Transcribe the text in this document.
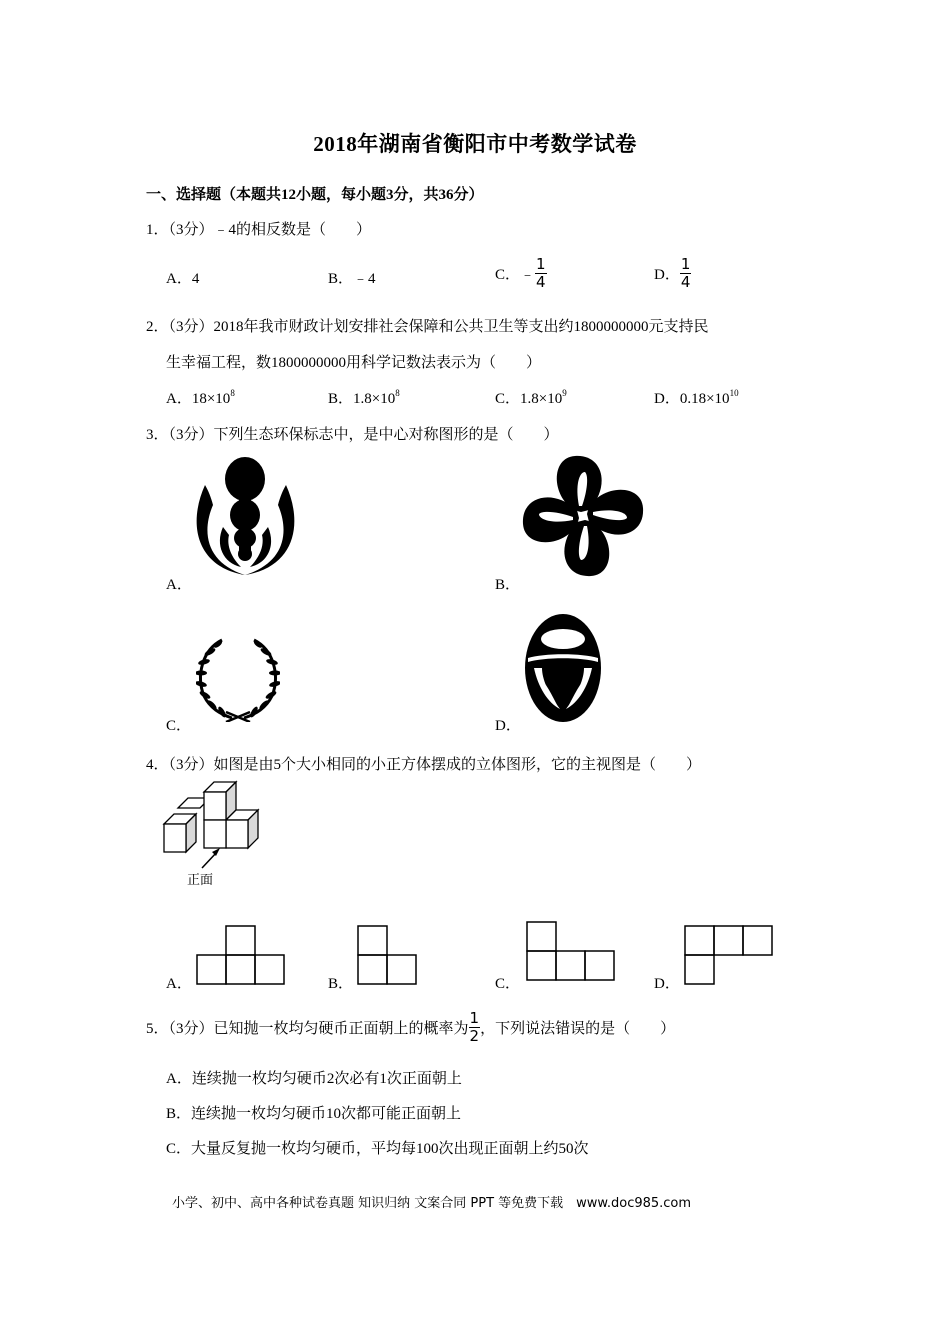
2018年湖南省衡阳市中考数学试卷
一、选择题（本题共12小题，每小题3分，共36分）
1．（3分）﹣4的相反数是（　　）
A．4	B．﹣4	C．﹣ $\frac{1}{4}$	D． $\frac{1}{4}$
2．（3分）2018年我市财政计划安排社会保障和公共卫生等支出约1800000000元支持民
生幸福工程，数1800000000用科学记数法表示为（　　）
A．$18\times 10^8$	B．$1.8\times 10^8$	C．$1.8\times 10^9$	D．$0.18\times 10^{10}$
3．（3分）下列生态环保标志中，是中心对称图形的是（　　）
A．	B．
C．	D．
4．（3分）如图是由5个大小相同的小正方体摆成的立体图形，它的主视图是（　　）
正面
A．	B．	C．	D．
5．（3分）已知抛一枚均匀硬币正面朝上的概率为 $\frac{1}{2}$ ，下列说法错误的是（　　）
A．连续抛一枚均匀硬币2次必有1次正面朝上
B．连续抛一枚均匀硬币10次都可能正面朝上
C．大量反复抛一枚均匀硬币，平均每100次出现正面朝上约50次
小学、初中、高中各种试卷真题 知识归纳 文案合同 PPT 等免费下载　www.doc985.com
